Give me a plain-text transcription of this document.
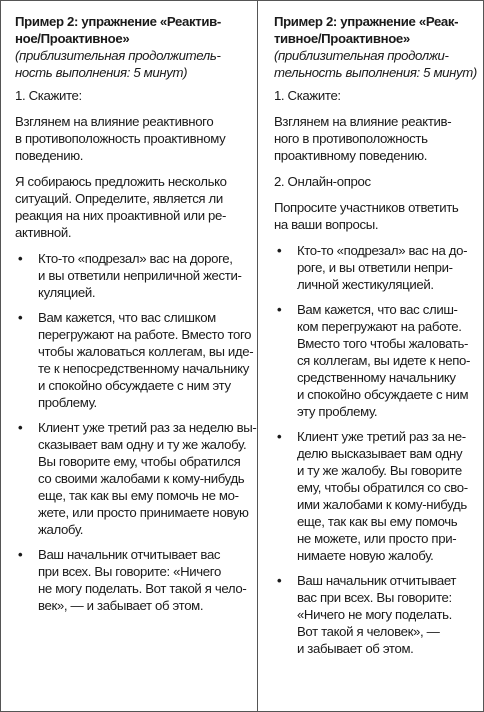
Пример 2: упражнение «Реактив-
ное/Проактивное»

(приблизительная продолжитель-
ность выполнения: 5 минут)

1. Скажите:

Взглянем на влияние реактивного
в противоположность проактивному
поведению.

Я собираюсь предложить несколько
ситуаций. Определите, является ли
реакция на них проактивной или ре-
активной.

• Кто-то «подрезал» вас на дороге,
и вы ответили неприличной жести-
куляцией.
• Вам кажется, что вас слишком
перегружают на работе. Вместо того
чтобы жаловаться коллегам, вы иде-
те к непосредственному начальнику
и спокойно обсуждаете с ним эту
проблему.
• Клиент уже третий раз за неделю вы-
сказывает вам одну и ту же жалобу.
Вы говорите ему, чтобы обратился
со своими жалобами к кому-нибудь
еще, так как вы ему помочь не мо-
жете, или просто принимаете новую
жалобу.
• Ваш начальник отчитывает вас
при всех. Вы говорите: «Ничего
не могу поделать. Вот такой я чело-
век», — и забывает об этом.

Пример 2: упражнение «Реак-
тивное/Проактивное»

(приблизительная продолжи-
тельность выполнения: 5 минут)

1. Скажите:

Взглянем на влияние реактив-
ного в противоположность
проактивному поведению.

2. Онлайн-опрос

Попросите участников ответить
на ваши вопросы.

• Кто-то «подрезал» вас на до-
роге, и вы ответили непри-
личной жестикуляцией.
• Вам кажется, что вас слиш-
ком перегружают на работе.
Вместо того чтобы жаловать-
ся коллегам, вы идете к непо-
средственному начальнику
и спокойно обсуждаете с ним
эту проблему.
• Клиент уже третий раз за не-
делю высказывает вам одну
и ту же жалобу. Вы говорите
ему, чтобы обратился со сво-
ими жалобами к кому-нибудь
еще, так как вы ему помочь
не можете, или просто при-
нимаете новую жалобу.
• Ваш начальник отчитывает
вас при всех. Вы говорите:
«Ничего не могу поделать.
Вот такой я человек», —
и забывает об этом.
